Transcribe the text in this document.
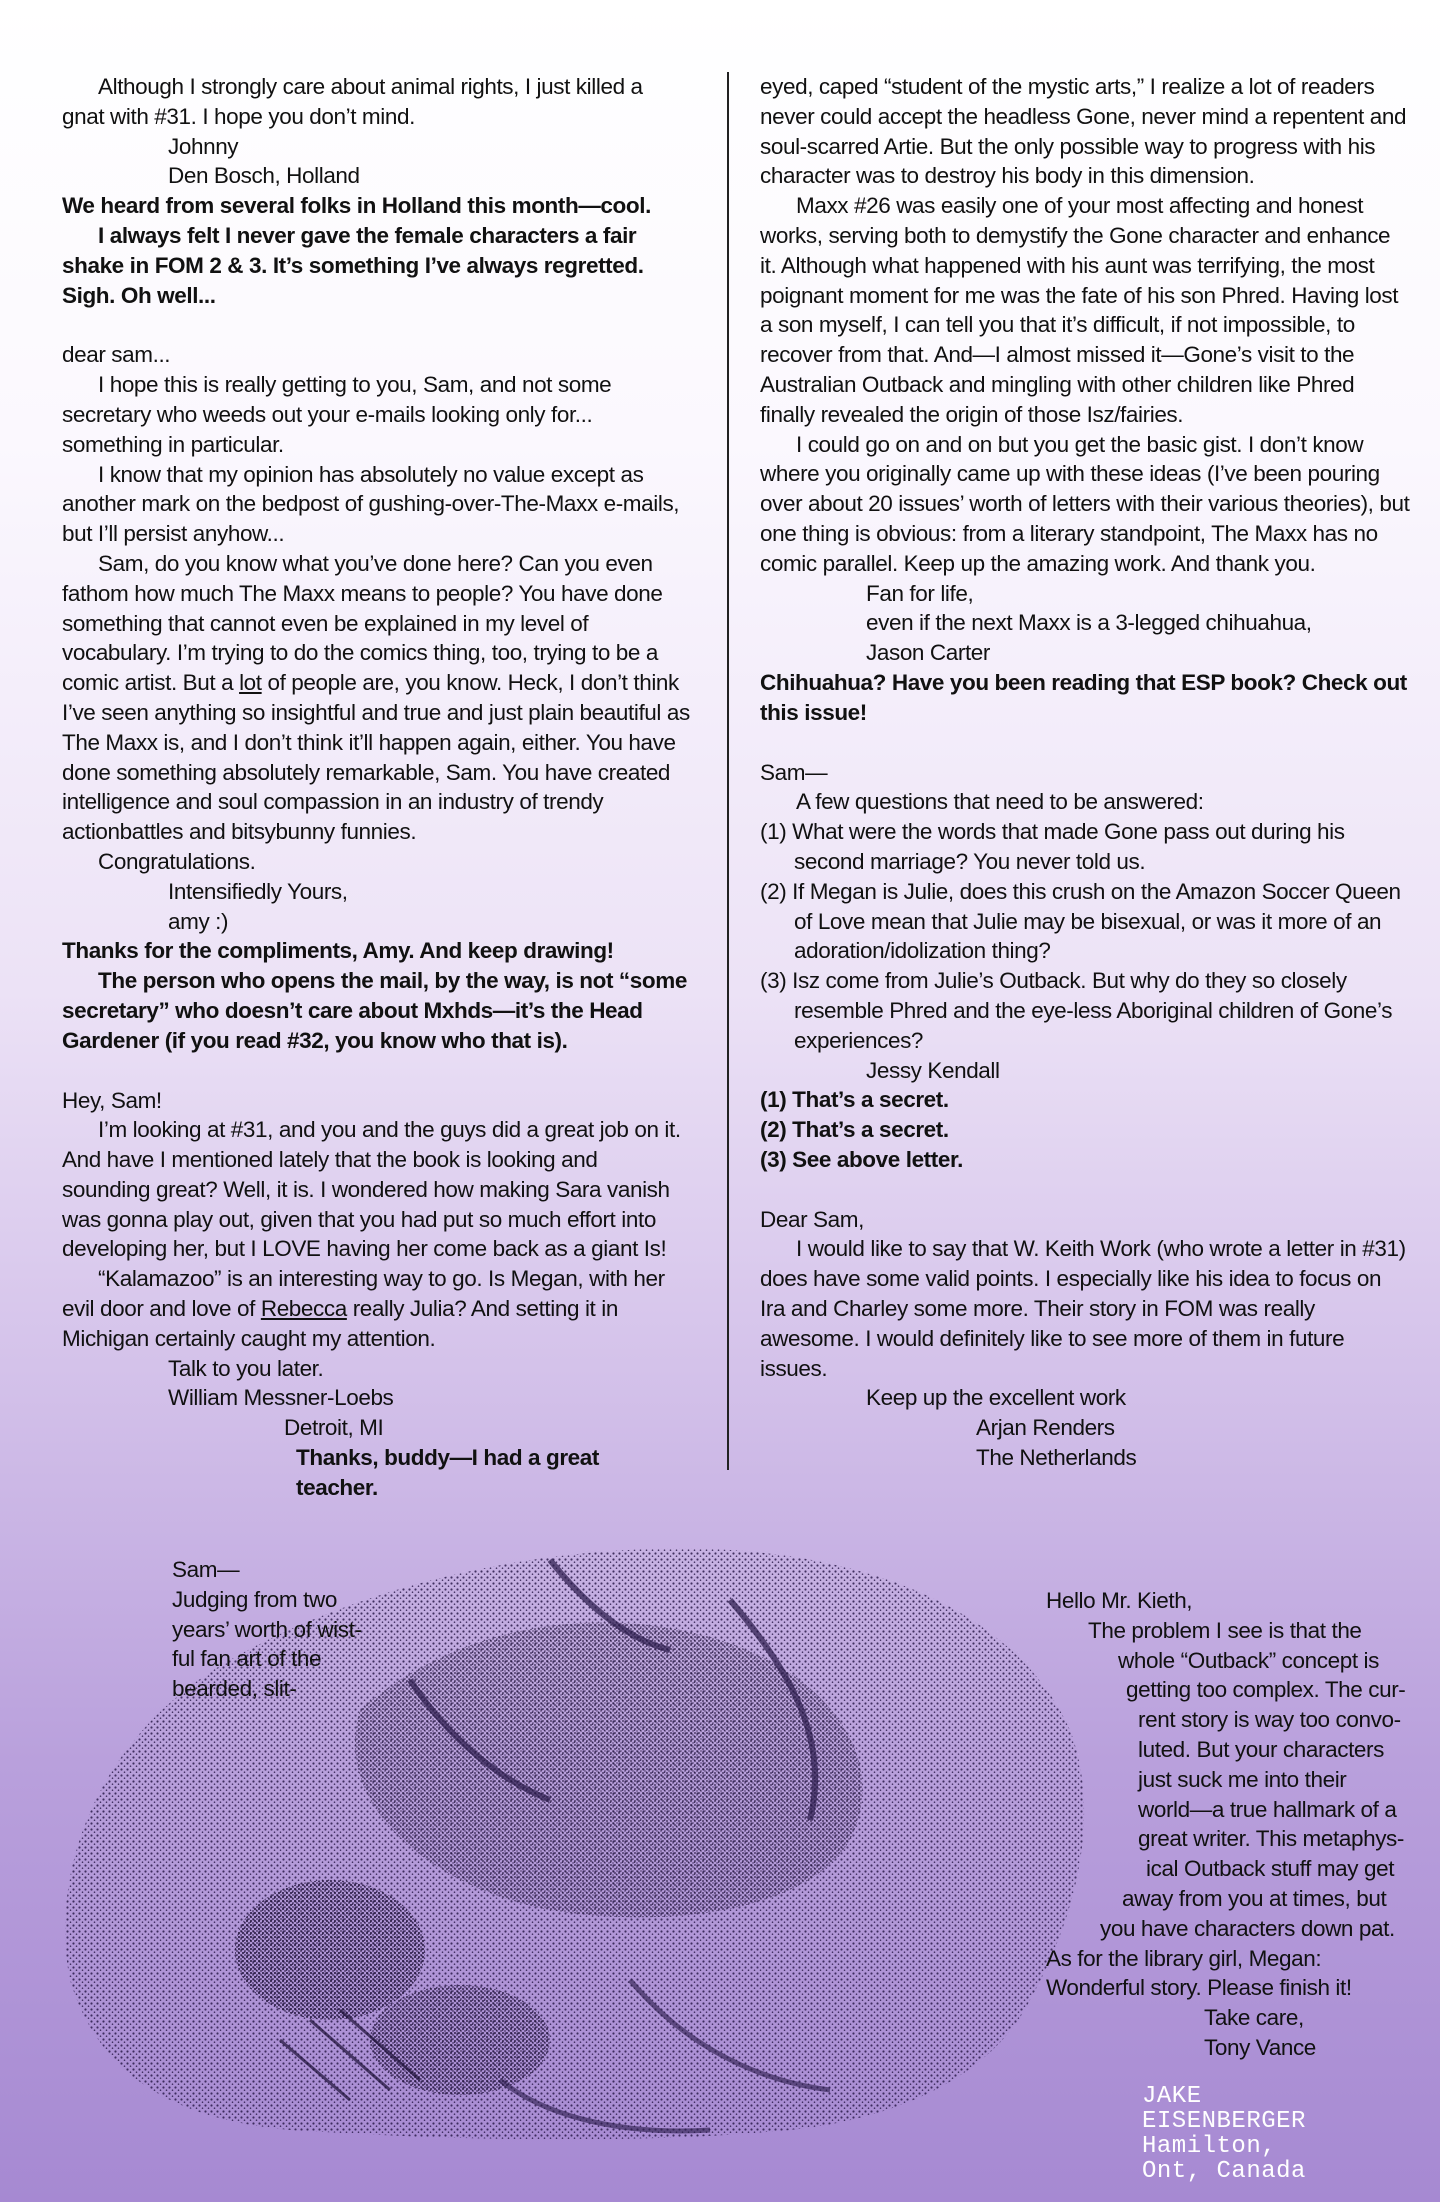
Although I strongly care about animal rights, I just killed a gnat with #31. I hope you don’t mind.

Johnny

Den Bosch, Holland

We heard from several folks in Holland this month—cool.

I always felt I never gave the female characters a fair shake in FOM 2 & 3. It’s something I’ve always regretted. Sigh. Oh well...

dear sam...

I hope this is really getting to you, Sam, and not some secretary who weeds out your e-mails looking only for... something in particular.

I know that my opinion has absolutely no value except as another mark on the bedpost of gushing-over-The-Maxx e-mails, but I’ll persist anyhow...

Sam, do you know what you’ve done here? Can you even fathom how much The Maxx means to people? You have done something that cannot even be explained in my level of vocabulary. I’m trying to do the comics thing, too, trying to be a comic artist. But a lot of people are, you know. Heck, I don’t think I’ve seen anything so insightful and true and just plain beautiful as The Maxx is, and I don’t think it’ll happen again, either. You have done something absolutely remarkable, Sam. You have created intelligence and soul compassion in an industry of trendy actionbattles and bitsybunny funnies.

Congratulations.

Intensifiedly Yours,

amy :)

Thanks for the compliments, Amy. And keep drawing!

The person who opens the mail, by the way, is not “some secretary” who doesn’t care about Mxhds—it’s the Head Gardener (if you read #32, you know who that is).

Hey, Sam!

I’m looking at #31, and you and the guys did a great job on it. And have I mentioned lately that the book is looking and sounding great? Well, it is. I wondered how making Sara vanish was gonna play out, given that you had put so much effort into developing her, but I LOVE having her come back as a giant Is!

“Kalamazoo” is an interesting way to go. Is Megan, with her evil door and love of Rebecca really Julia? And setting it in Michigan certainly caught my attention.

Talk to you later.

William Messner-Loebs

Detroit, MI

Thanks, buddy—I had a great teacher.

eyed, caped “student of the mystic arts,” I realize a lot of readers never could accept the headless Gone, never mind a repentent and soul-scarred Artie. But the only possible way to progress with his character was to destroy his body in this dimension.

Maxx #26 was easily one of your most affecting and honest works, serving both to demystify the Gone character and enhance it. Although what happened with his aunt was terrifying, the most poignant moment for me was the fate of his son Phred. Having lost a son myself, I can tell you that it’s difficult, if not impossible, to recover from that. And—I almost missed it—Gone’s visit to the Australian Outback and mingling with other children like Phred finally revealed the origin of those Isz/fairies.

I could go on and on but you get the basic gist. I don’t know where you originally came up with these ideas (I’ve been pouring over about 20 issues’ worth of letters with their various theories), but one thing is obvious: from a literary standpoint, The Maxx has no comic parallel. Keep up the amazing work. And thank you.

Fan for life,

even if the next Maxx is a 3-legged chihuahua,

Jason Carter

Chihuahua? Have you been reading that ESP book? Check out this issue!

Sam—

A few questions that need to be answered:

(1) What were the words that made Gone pass out during his second marriage? You never told us.

(2) If Megan is Julie, does this crush on the Amazon Soccer Queen of Love mean that Julie may be bisexual, or was it more of an adoration/idolization thing?

(3) Isz come from Julie’s Outback. But why do they so closely resemble Phred and the eye-less Aboriginal children of Gone’s experiences?

Jessy Kendall

(1) That’s a secret.

(2) That’s a secret.

(3) See above letter.

Dear Sam,

I would like to say that W. Keith Work (who wrote a letter in #31) does have some valid points. I especially like his idea to focus on Ira and Charley some more. Their story in FOM was really awesome. I would definitely like to see more of them in future issues.

Keep up the excellent work

Arjan Renders

The Netherlands

Sam—

Judging from two

years’ worth of wist-

ful fan art of the

bearded, slit-

Hello Mr. Kieth,

The problem I see is that the

whole “Outback” concept is

getting too complex. The cur-

rent story is way too convo-

luted. But your characters

just suck me into their

world—a true hallmark of a

great writer. This metaphys-

ical Outback stuff may get

away from you at times, but

you have characters down pat.

As for the library girl, Megan:

Wonderful story. Please finish it!

Take care,

Tony Vance

JAKE
EISENBERGER
Hamilton,
Ont, Canada
